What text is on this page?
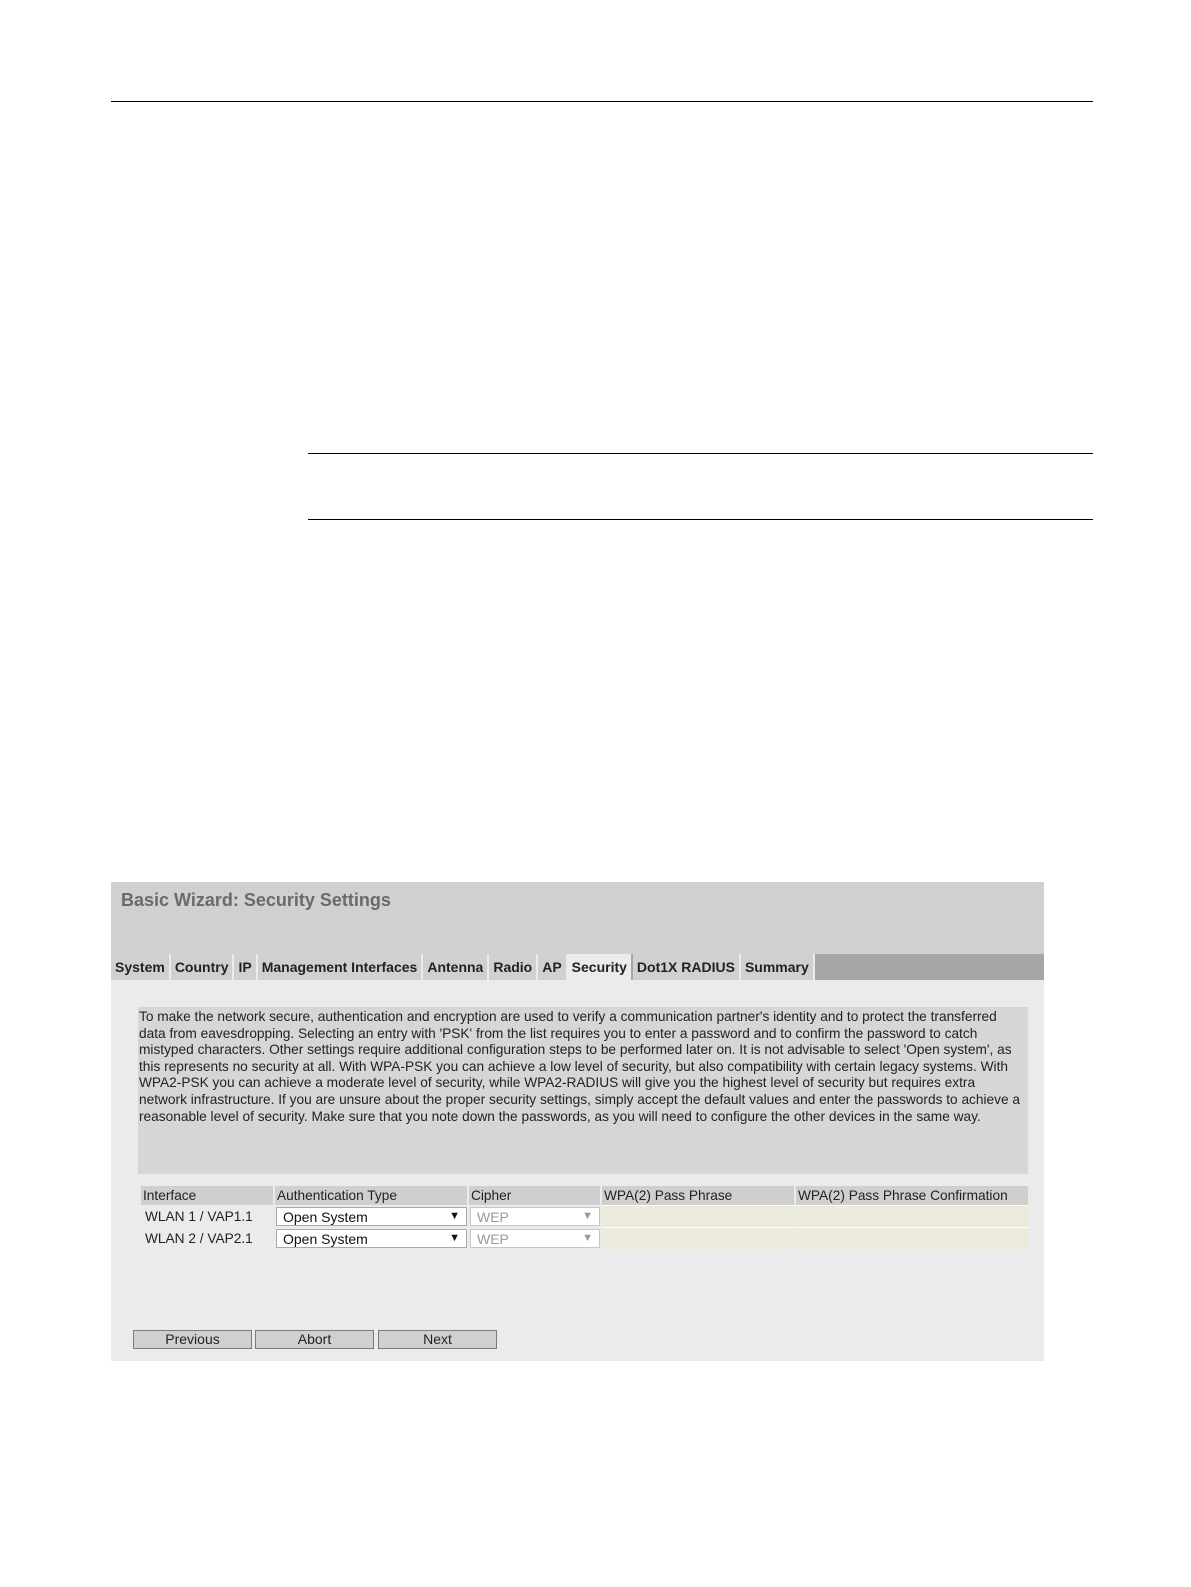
Basic Wizard: Security Settings
System Country IP Management Interfaces Antenna Radio AP Security Dot1X RADIUS Summary
To make the network secure, authentication and encryption are used to verify a communication partner's identity and to protect the transferred data from eavesdropping. Selecting an entry with 'PSK' from the list requires you to enter a password and to confirm the password to catch mistyped characters. Other settings require additional configuration steps to be performed later on. It is not advisable to select 'Open system', as this represents no security at all. With WPA-PSK you can achieve a low level of security, but also compatibility with certain legacy systems. With WPA2-PSK you can achieve a moderate level of security, while WPA2-RADIUS will give you the highest level of security but requires extra network infrastructure. If you are unsure about the proper security settings, simply accept the default values and enter the passwords to achieve a reasonable level of security. Make sure that you note down the passwords, as you will need to configure the other devices in the same way.
Interface	Authentication Type	Cipher	WPA(2) Pass Phrase	WPA(2) Pass Phrase Confirmation
WLAN 1 / VAP1.1	Open System ▼	WEP ▼		

WLAN 2 / VAP2.1	Open System ▼	WEP ▼		

Previous	Abort	Next
